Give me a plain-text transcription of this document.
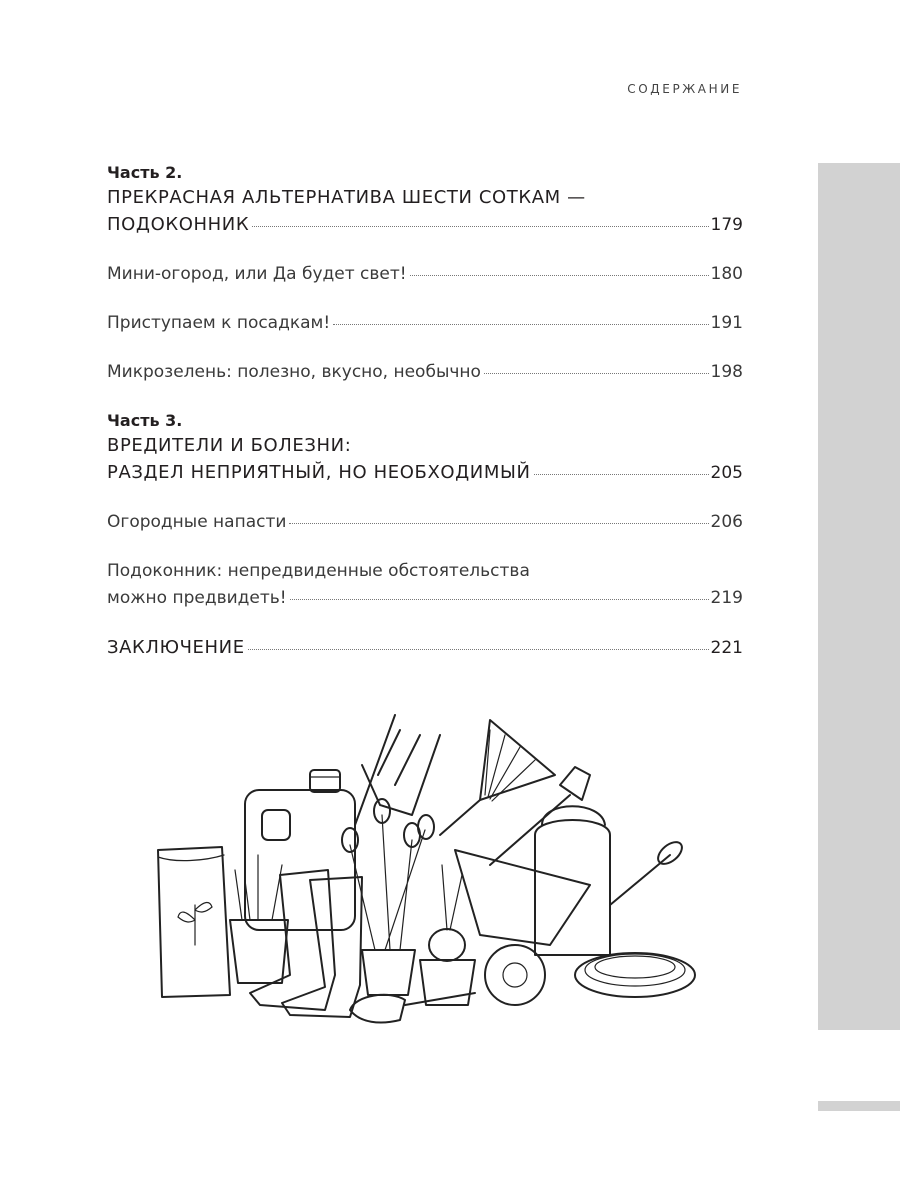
СОДЕРЖАНИЕ

Часть 2.

ПРЕКРАСНАЯ АЛЬТЕРНАТИВА ШЕСТИ СОТКАМ —

ПОДОКОННИК	179
Мини-огород, или Да будет свет!	180
Приступаем к посадкам!	191
Микрозелень: полезно, вкусно, необычно	198

Часть 3.

ВРЕДИТЕЛИ И БОЛЕЗНИ:

РАЗДЕЛ НЕПРИЯТНЫЙ, НО НЕОБХОДИМЫЙ	205
Огородные напасти	206
Подоконник: непредвиденные обстоятельства
можно предвидеть!	219
ЗАКЛЮЧЕНИЕ	221
